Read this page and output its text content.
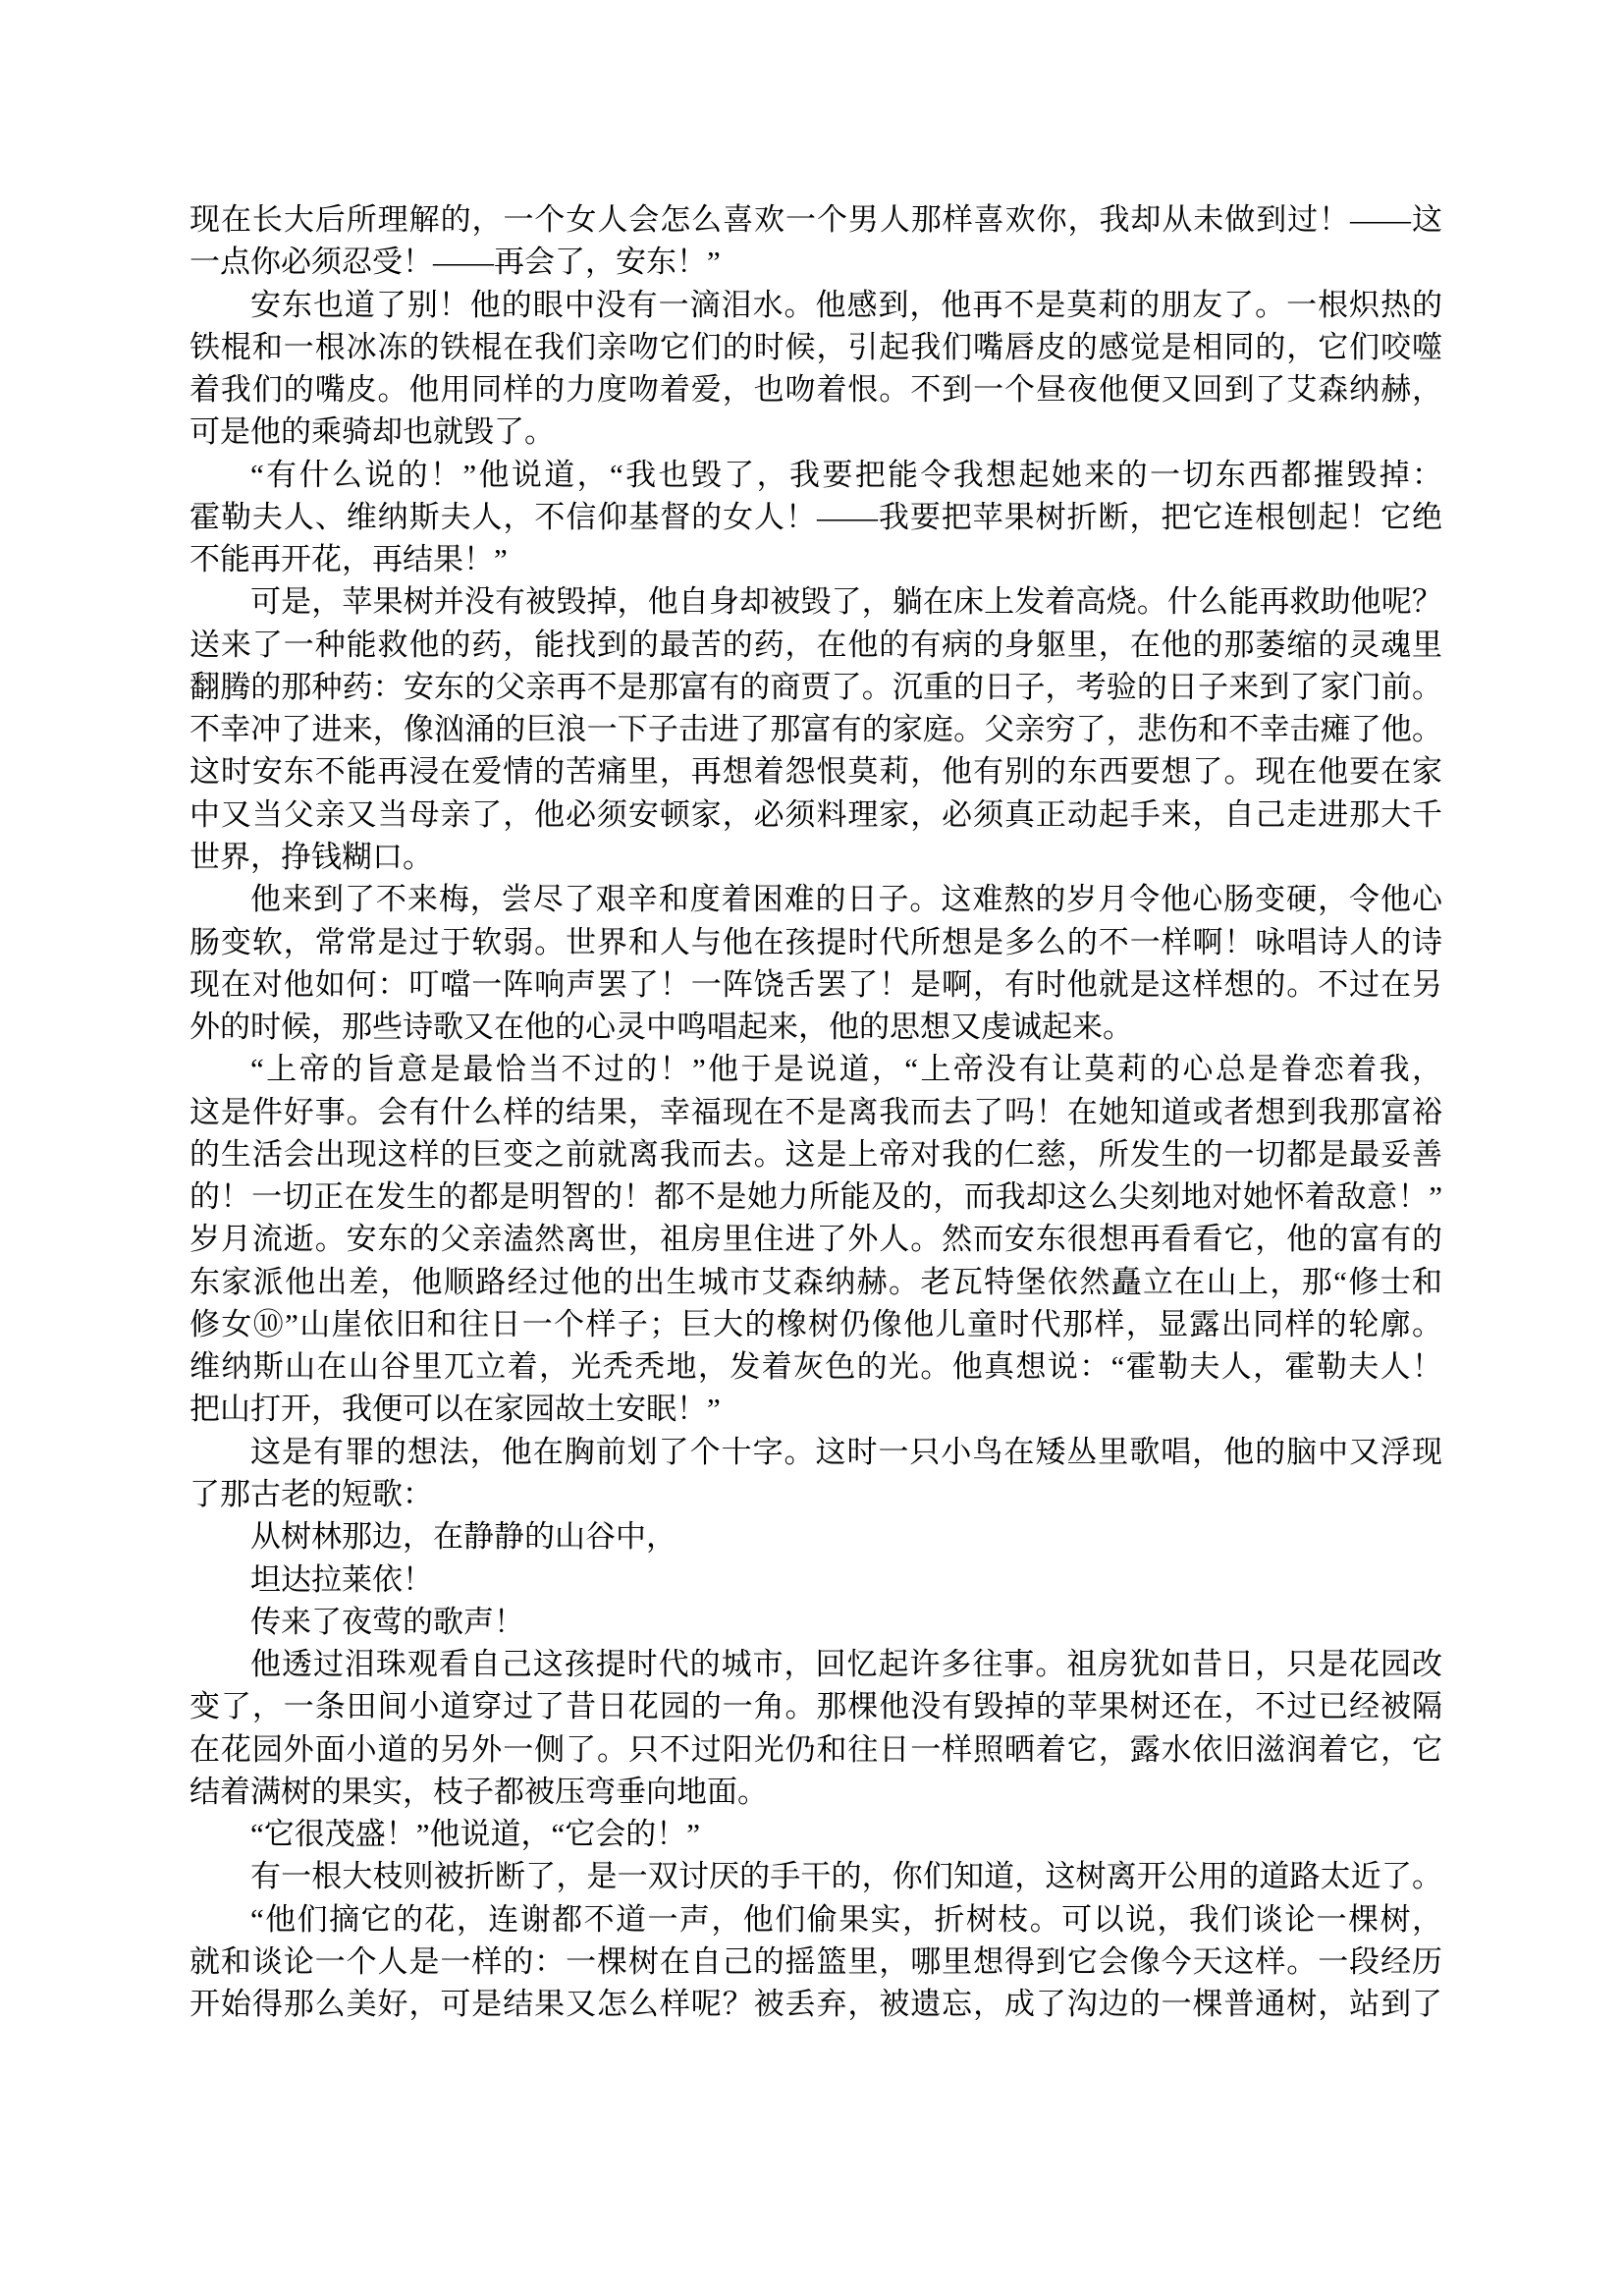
现在长大后所理解的，一个女人会怎么喜欢一个男人那样喜欢你，我却从未做到过！——这
一点你必须忍受！——再会了，安东！”
安东也道了别！他的眼中没有一滴泪水。他感到，他再不是莫莉的朋友了。一根炽热的
铁棍和一根冰冻的铁棍在我们亲吻它们的时候，引起我们嘴唇皮的感觉是相同的，它们咬噬
着我们的嘴皮。他用同样的力度吻着爱，也吻着恨。不到一个昼夜他便又回到了艾森纳赫，
可是他的乘骑却也就毁了。
“有什么说的！”他说道，“我也毁了，我要把能令我想起她来的一切东西都摧毁掉：
霍勒夫人、维纳斯夫人，不信仰基督的女人！——我要把苹果树折断，把它连根刨起！它绝
不能再开花，再结果！”
可是，苹果树并没有被毁掉，他自身却被毁了，躺在床上发着高烧。什么能再救助他呢？
送来了一种能救他的药，能找到的最苦的药，在他的有病的身躯里，在他的那萎缩的灵魂里
翻腾的那种药：安东的父亲再不是那富有的商贾了。沉重的日子，考验的日子来到了家门前。
不幸冲了进来，像汹涌的巨浪一下子击进了那富有的家庭。父亲穷了，悲伤和不幸击瘫了他。
这时安东不能再浸在爱情的苦痛里，再想着怨恨莫莉，他有别的东西要想了。现在他要在家
中又当父亲又当母亲了，他必须安顿家，必须料理家，必须真正动起手来，自己走进那大千
世界，挣钱糊口。
他来到了不来梅，尝尽了艰辛和度着困难的日子。这难熬的岁月令他心肠变硬，令他心
肠变软，常常是过于软弱。世界和人与他在孩提时代所想是多么的不一样啊！咏唱诗人的诗
现在对他如何：叮噹一阵响声罢了！一阵饶舌罢了！是啊，有时他就是这样想的。不过在另
外的时候，那些诗歌又在他的心灵中鸣唱起来，他的思想又虔诚起来。
“上帝的旨意是最恰当不过的！”他于是说道，“上帝没有让莫莉的心总是眷恋着我，
这是件好事。会有什么样的结果，幸福现在不是离我而去了吗！在她知道或者想到我那富裕
的生活会出现这样的巨变之前就离我而去。这是上帝对我的仁慈，所发生的一切都是最妥善
的！一切正在发生的都是明智的！都不是她力所能及的，而我却这么尖刻地对她怀着敌意！”
岁月流逝。安东的父亲溘然离世，祖房里住进了外人。然而安东很想再看看它，他的富有的
东家派他出差，他顺路经过他的出生城市艾森纳赫。老瓦特堡依然矗立在山上，那“修士和
修女⑩”山崖依旧和往日一个样子；巨大的橡树仍像他儿童时代那样，显露出同样的轮廓。
维纳斯山在山谷里兀立着，光秃秃地，发着灰色的光。他真想说：“霍勒夫人，霍勒夫人！
把山打开，我便可以在家园故土安眠！”
这是有罪的想法，他在胸前划了个十字。这时一只小鸟在矮丛里歌唱，他的脑中又浮现
了那古老的短歌：
从树林那边，在静静的山谷中，
坦达拉莱依！
传来了夜莺的歌声！
他透过泪珠观看自己这孩提时代的城市，回忆起许多往事。祖房犹如昔日，只是花园改
变了，一条田间小道穿过了昔日花园的一角。那棵他没有毁掉的苹果树还在，不过已经被隔
在花园外面小道的另外一侧了。只不过阳光仍和往日一样照晒着它，露水依旧滋润着它，它
结着满树的果实，枝子都被压弯垂向地面。
“它很茂盛！”他说道，“它会的！”
有一根大枝则被折断了，是一双讨厌的手干的，你们知道，这树离开公用的道路太近了。
“他们摘它的花，连谢都不道一声，他们偷果实，折树枝。可以说，我们谈论一棵树，
就和谈论一个人是一样的：一棵树在自己的摇篮里，哪里想得到它会像今天这样。一段经历
开始得那么美好，可是结果又怎么样呢？被丢弃，被遗忘，成了沟边的一棵普通树，站到了
